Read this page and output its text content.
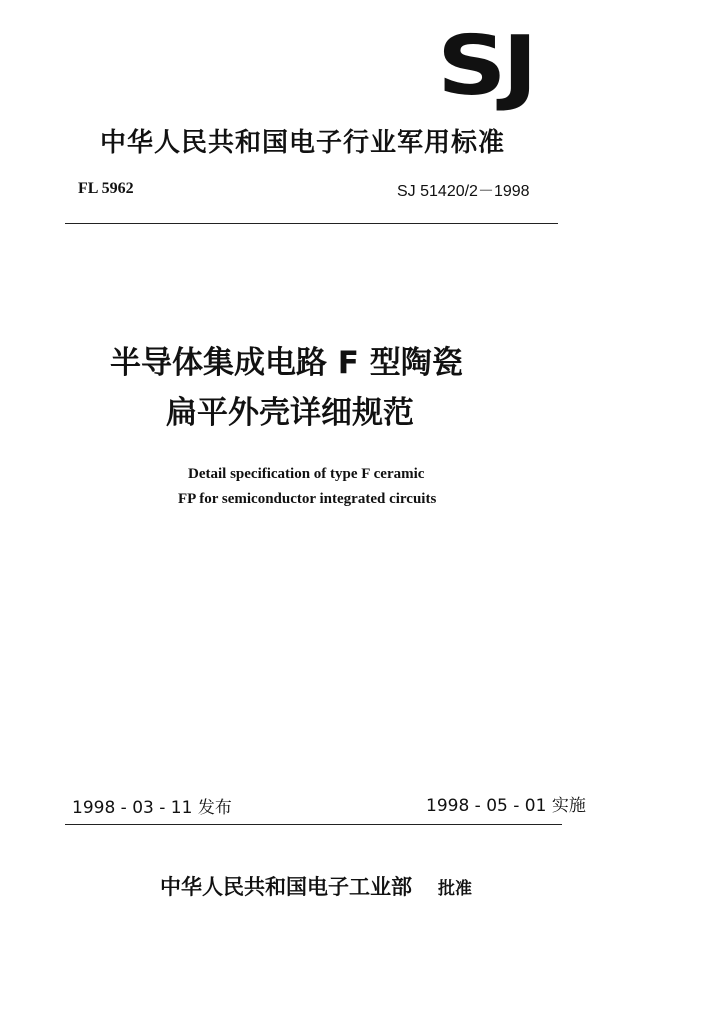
SJ
中华人民共和国电子行业军用标准
FL 5962	SJ 51420/2－1998
半导体集成电路 F 型陶瓷
扁平外壳详细规范
Detail specification of type F ceramic
FP for semiconductor integrated circuits
1998 - 03 - 11 发布	1998 - 05 - 01 实施
中华人民共和国电子工业部 批准
